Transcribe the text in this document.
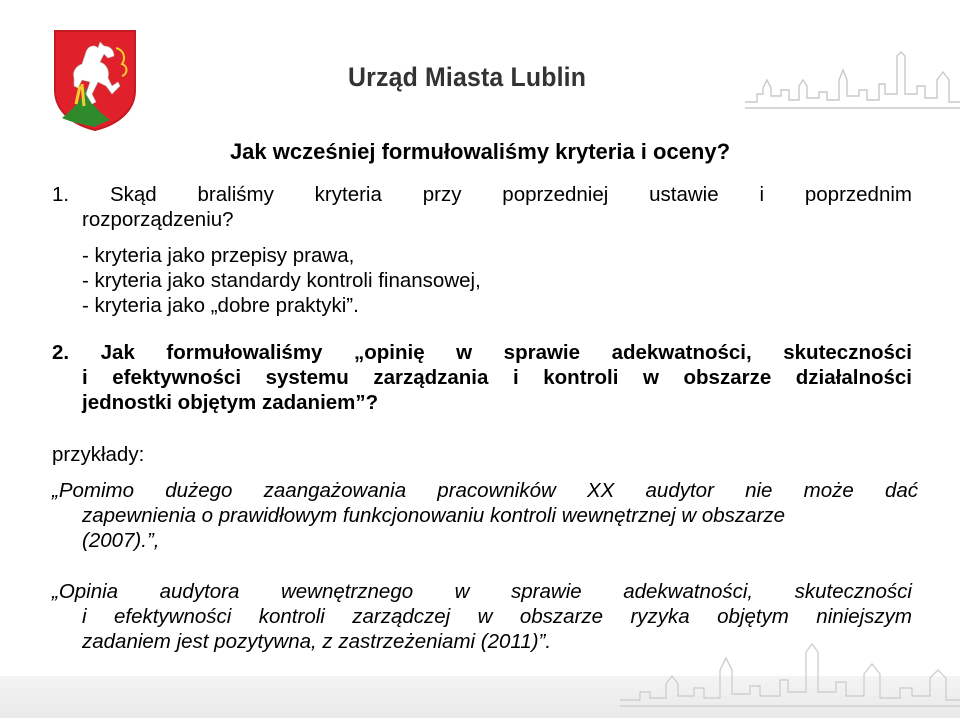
Urząd Miasta Lublin
Jak wcześniej formułowaliśmy kryteria i oceny?
1. Skąd braliśmy kryteria przy poprzedniej ustawie i poprzednim
rozporządzeniu?
- kryteria jako przepisy prawa,
- kryteria jako standardy kontroli finansowej,
- kryteria jako „dobre praktyki”.
2. Jak formułowaliśmy „opinię w sprawie adekwatności, skuteczności
i efektywności systemu zarządzania i kontroli w obszarze działalności
jednostki objętym zadaniem”?
przykłady:
„Pomimo dużego zaangażowania pracowników XX audytor nie może dać
zapewnienia o prawidłowym funkcjonowaniu kontroli wewnętrznej w obszarze
(2007).”,
„Opinia audytora wewnętrznego w sprawie adekwatności, skuteczności
i efektywności kontroli zarządczej w obszarze ryzyka objętym niniejszym
zadaniem jest pozytywna, z zastrzeżeniami (2011)”.
